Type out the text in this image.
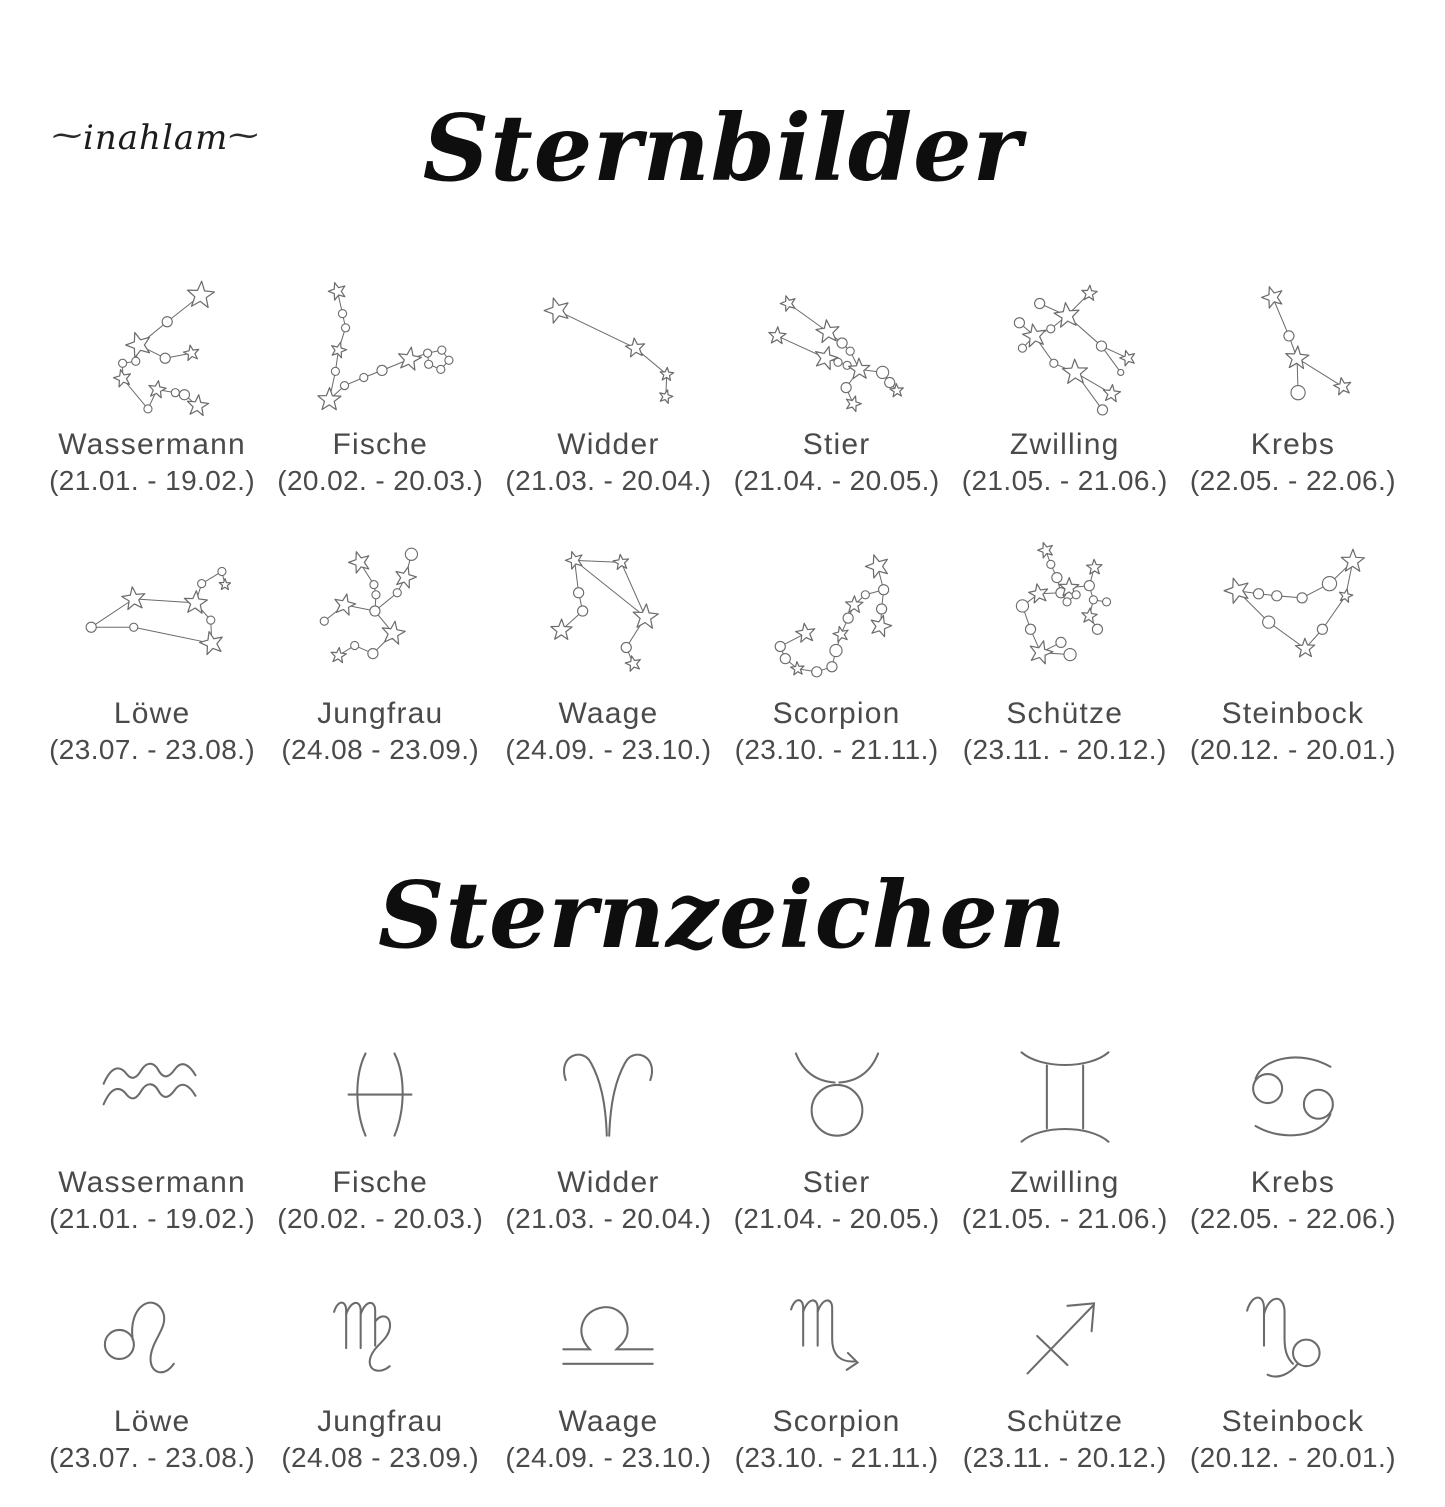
⁓inahlam⁓	Sternbilder
Wassermann
(21.01. - 19.02.)
Fische
(20.02. - 20.03.)
Widder
(21.03. - 20.04.)
Stier
(21.04. - 20.05.)
Zwilling
(21.05. - 21.06.)
Krebs
(22.05. - 22.06.)
Löwe
(23.07. - 23.08.)
Jungfrau
(24.08 - 23.09.)
Waage
(24.09. - 23.10.)
Scorpion
(23.10. - 21.11.)
Schütze
(23.11. - 20.12.)
Steinbock
(20.12. - 20.01.)
Sternzeichen
Wassermann
(21.01. - 19.02.)
Fische
(20.02. - 20.03.)
Widder
(21.03. - 20.04.)
Stier
(21.04. - 20.05.)
Zwilling
(21.05. - 21.06.)
Krebs
(22.05. - 22.06.)
Löwe
(23.07. - 23.08.)
Jungfrau
(24.08 - 23.09.)
Waage
(24.09. - 23.10.)
Scorpion
(23.10. - 21.11.)
Schütze
(23.11. - 20.12.)
Steinbock
(20.12. - 20.01.)
